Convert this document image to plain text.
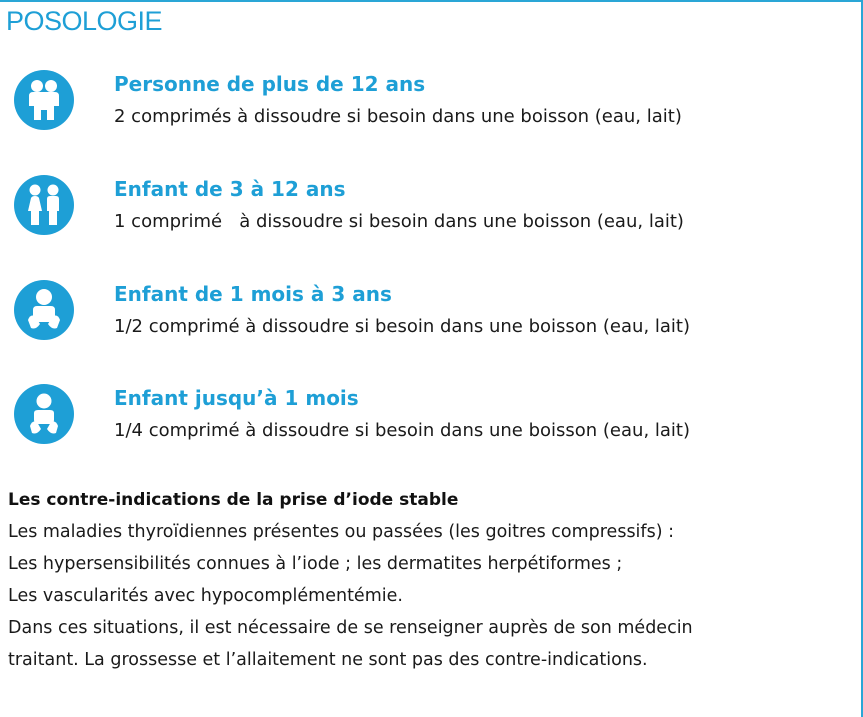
POSOLOGIE
Personne de plus de 12 ans
2 comprimés à dissoudre si besoin dans une boisson (eau, lait)
Enfant de 3 à 12 ans
1 comprimé   à dissoudre si besoin dans une boisson (eau, lait)
Enfant de 1 mois à 3 ans
1/2 comprimé à dissoudre si besoin dans une boisson (eau, lait)
Enfant jusqu’à 1 mois
1/4 comprimé à dissoudre si besoin dans une boisson (eau, lait)
Les contre-indications de la prise d’iode stable
Les maladies thyroïdiennes présentes ou passées (les goitres compressifs) :
Les hypersensibilités connues à l’iode ; les dermatites herpétiformes ;
Les vascularités avec hypocomplémentémie.
Dans ces situations, il est nécessaire de se renseigner auprès de son médecin
traitant. La grossesse et l’allaitement ne sont pas des contre-indications.
